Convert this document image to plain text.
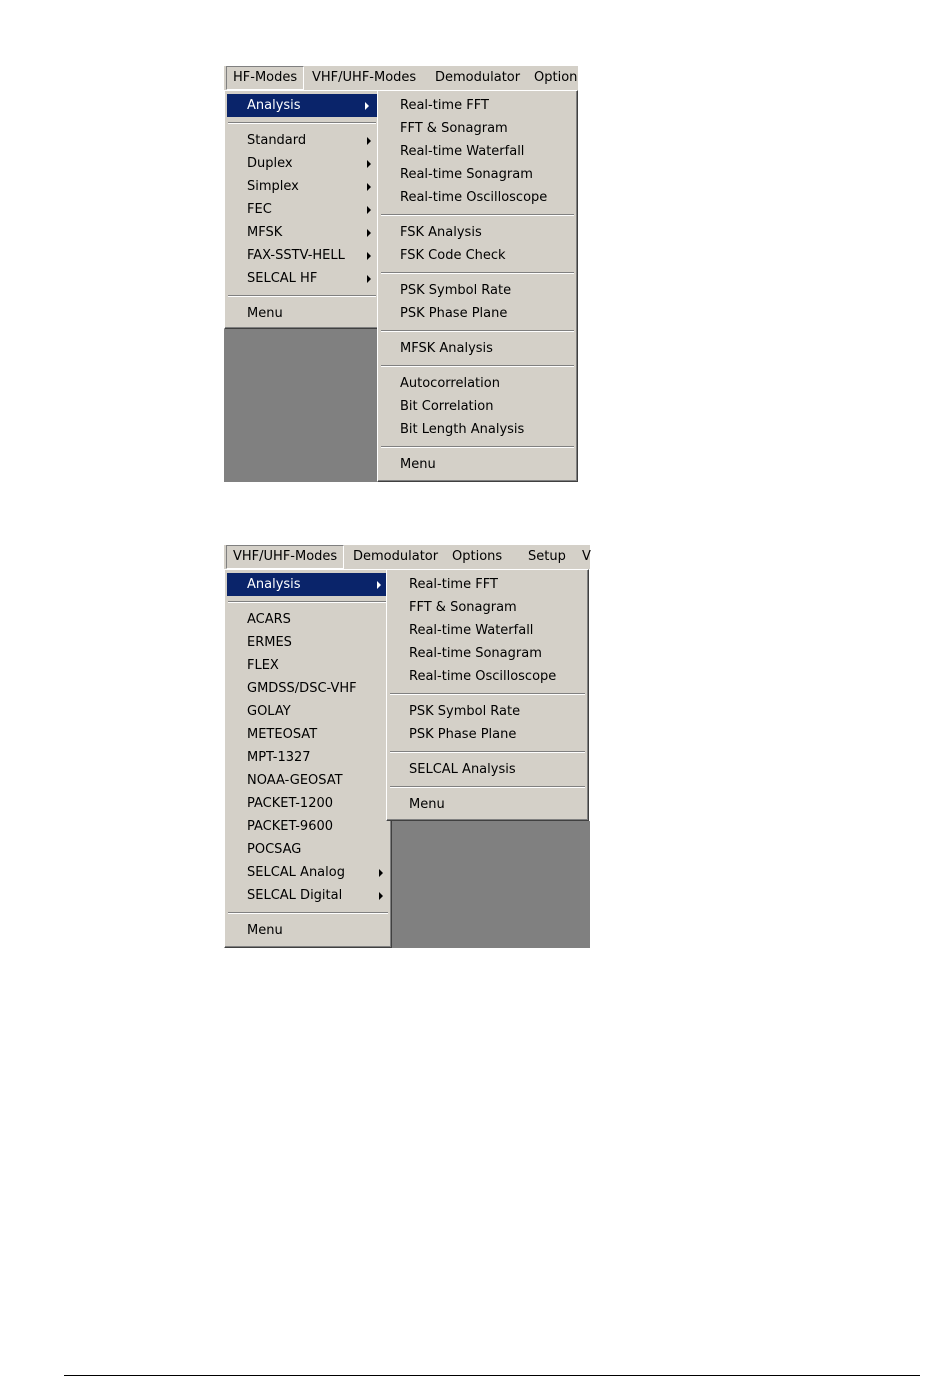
HF-Modes	VHF/UHF-Modes	Demodulator	Option
Analysis
Standard
Duplex
Simplex
FEC
MFSK
FAX-SSTV-HELL
SELCAL HF
Menu
Real-time FFT
FFT & Sonagram
Real-time Waterfall
Real-time Sonagram
Real-time Oscilloscope
FSK Analysis
FSK Code Check
PSK Symbol Rate
PSK Phase Plane
MFSK Analysis
Autocorrelation
Bit Correlation
Bit Length Analysis
Menu
VHF/UHF-Modes	Demodulator	Options	Setup	V
Analysis
ACARS
ERMES
FLEX
GMDSS/DSC-VHF
GOLAY
METEOSAT
MPT-1327
NOAA-GEOSAT
PACKET-1200
PACKET-9600
POCSAG
SELCAL Analog
SELCAL Digital
Menu
Real-time FFT
FFT & Sonagram
Real-time Waterfall
Real-time Sonagram
Real-time Oscilloscope
PSK Symbol Rate
PSK Phase Plane
SELCAL Analysis
Menu
